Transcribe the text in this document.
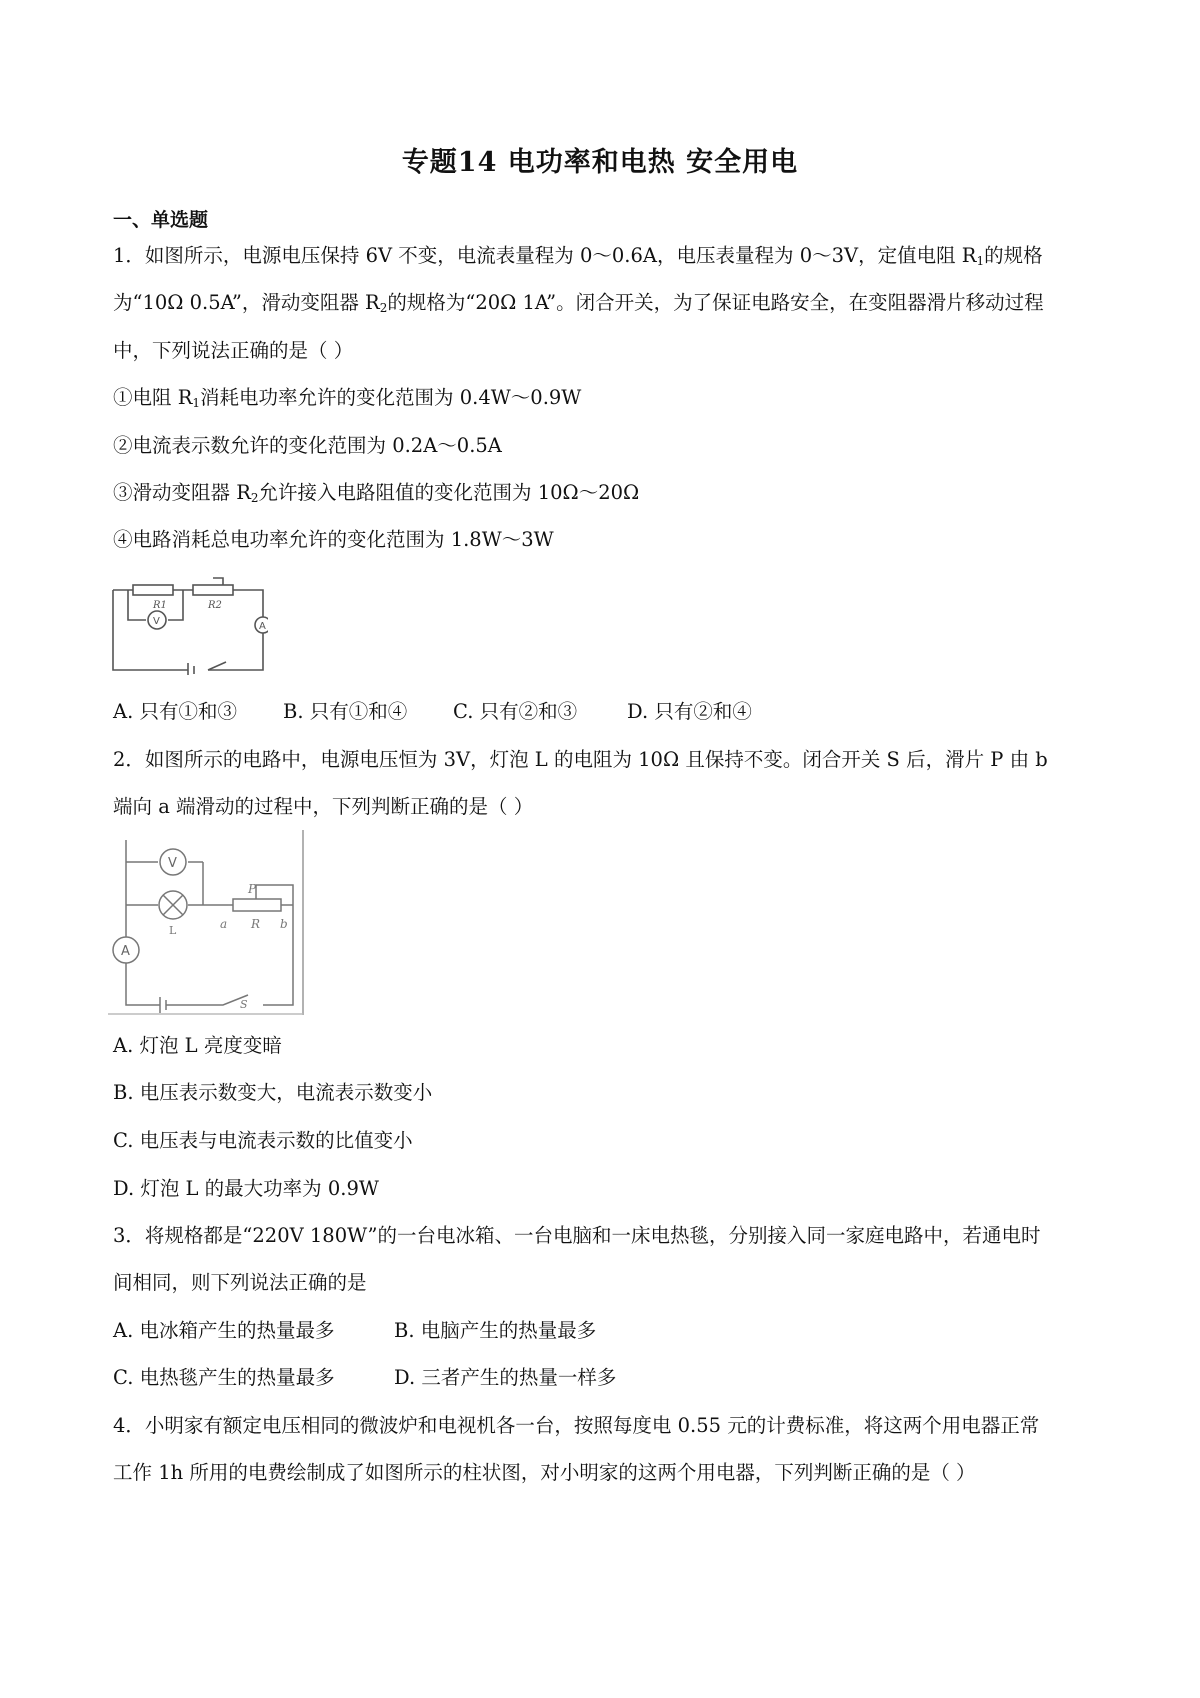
专题14 电功率和电热 安全用电
一、单选题
1．如图所示，电源电压保持 6V 不变，电流表量程为 0～0.6A，电压表量程为 0～3V，定值电阻 $R_1$的规格
为“10Ω 0.5A”，滑动变阻器 $R_2$的规格为“20Ω 1A”。闭合开关，为了保证电路安全，在变阻器滑片移动过程
中，下列说法正确的是（ ）
①电阻 $R_1$消耗电功率允许的变化范围为 0.4W～0.9W
②电流表示数允许的变化范围为 0.2A～0.5A
③滑动变阻器 $R_2$允许接入电路阻值的变化范围为 10Ω～20Ω
④电路消耗总电功率允许的变化范围为 1.8W～3W
R1	R2
V	A
A. 只有①和③ B. 只有①和④ C. 只有②和③	D. 只有②和④
2．如图所示的电路中，电源电压恒为 3V，灯泡 L 的电阻为 10Ω 且保持不变。闭合开关 S 后，滑片 P 由 b
端向 a 端滑动的过程中，下列判断正确的是（ ）
V
A
P
a R b
L
S
A. 灯泡 L 亮度变暗
B. 电压表示数变大，电流表示数变小
C. 电压表与电流表示数的比值变小
D. 灯泡 L 的最大功率为 0.9W
3．将规格都是“220V 180W”的一台电冰箱、一台电脑和一床电热毯，分别接入同一家庭电路中，若通电时
间相同，则下列说法正确的是
A. 电冰箱产生的热量最多	B. 电脑产生的热量最多
C. 电热毯产生的热量最多	D. 三者产生的热量一样多
4．小明家有额定电压相同的微波炉和电视机各一台，按照每度电 0.55 元的计费标准，将这两个用电器正常
工作 1h 所用的电费绘制成了如图所示的柱状图，对小明家的这两个用电器，下列判断正确的是（ ）
